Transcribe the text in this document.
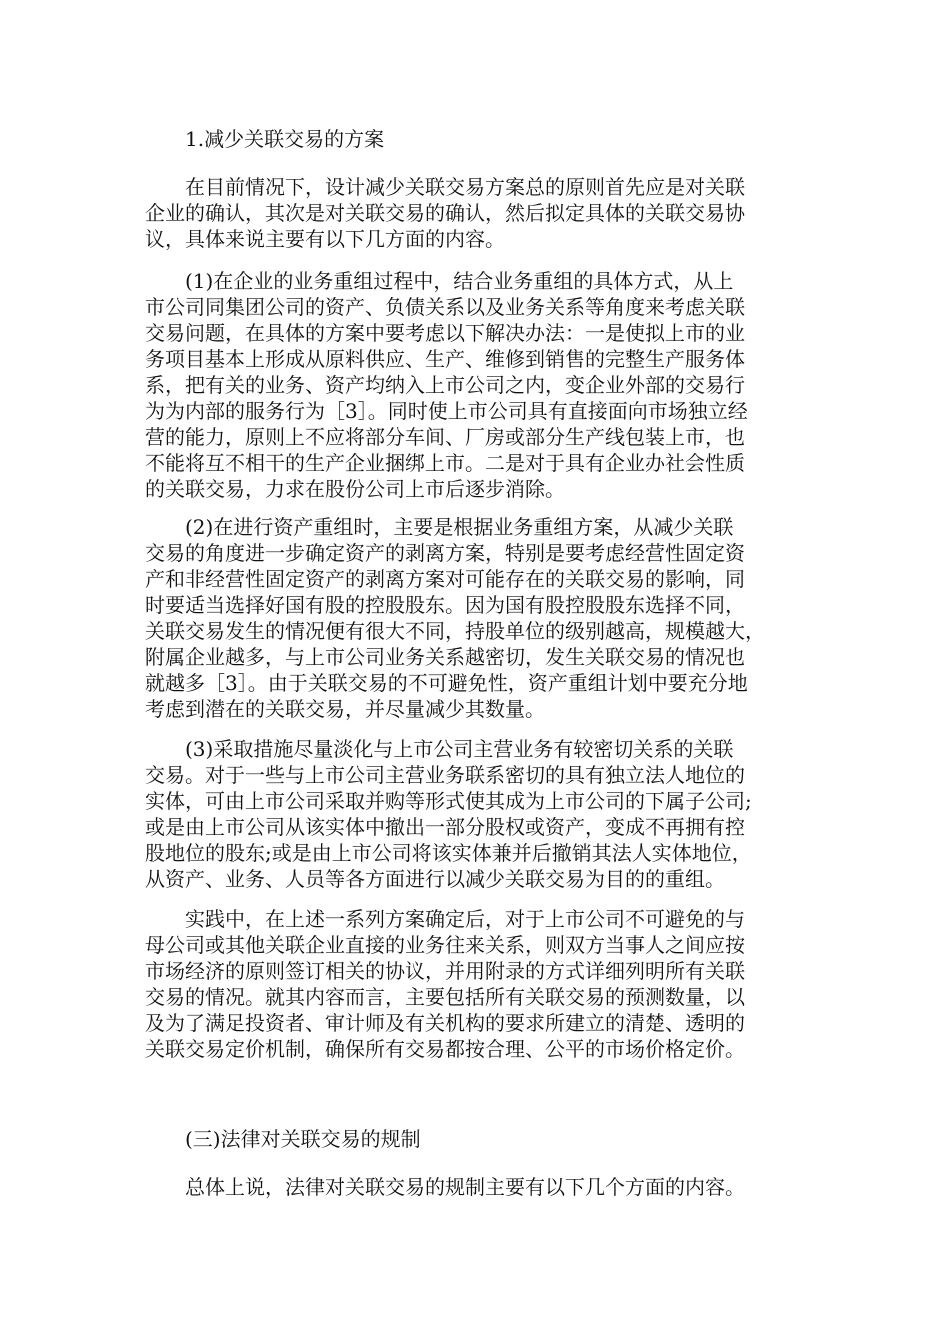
1.减少关联交易的方案
在目前情况下，设计减少关联交易方案总的原则首先应是对关联
企业的确认，其次是对关联交易的确认，然后拟定具体的关联交易协
议，具体来说主要有以下几方面的内容。
(1)在企业的业务重组过程中，结合业务重组的具体方式，从上
市公司同集团公司的资产、负债关系以及业务关系等角度来考虑关联
交易问题，在具体的方案中要考虑以下解决办法：一是使拟上市的业
务项目基本上形成从原料供应、生产、维修到销售的完整生产服务体
系，把有关的业务、资产均纳入上市公司之内，变企业外部的交易行
为为内部的服务行为［3］。同时使上市公司具有直接面向市场独立经
营的能力，原则上不应将部分车间、厂房或部分生产线包装上市，也
不能将互不相干的生产企业捆绑上市。二是对于具有企业办社会性质
的关联交易，力求在股份公司上市后逐步消除。
(2)在进行资产重组时，主要是根据业务重组方案，从减少关联
交易的角度进一步确定资产的剥离方案，特别是要考虑经营性固定资
产和非经营性固定资产的剥离方案对可能存在的关联交易的影响，同
时要适当选择好国有股的控股股东。因为国有股控股股东选择不同，
关联交易发生的情况便有很大不同，持股单位的级别越高，规模越大，
附属企业越多，与上市公司业务关系越密切，发生关联交易的情况也
就越多［3］。由于关联交易的不可避免性，资产重组计划中要充分地
考虑到潜在的关联交易，并尽量减少其数量。
(3)采取措施尽量淡化与上市公司主营业务有较密切关系的关联
交易。对于一些与上市公司主营业务联系密切的具有独立法人地位的
实体，可由上市公司采取并购等形式使其成为上市公司的下属子公司;
或是由上市公司从该实体中撤出一部分股权或资产，变成不再拥有控
股地位的股东;或是由上市公司将该实体兼并后撤销其法人实体地位，
从资产、业务、人员等各方面进行以减少关联交易为目的的重组。
实践中，在上述一系列方案确定后，对于上市公司不可避免的与
母公司或其他关联企业直接的业务往来关系，则双方当事人之间应按
市场经济的原则签订相关的协议，并用附录的方式详细列明所有关联
交易的情况。就其内容而言，主要包括所有关联交易的预测数量，以
及为了满足投资者、审计师及有关机构的要求所建立的清楚、透明的
关联交易定价机制，确保所有交易都按合理、公平的市场价格定价。
(三)法律对关联交易的规制
总体上说，法律对关联交易的规制主要有以下几个方面的内容。
